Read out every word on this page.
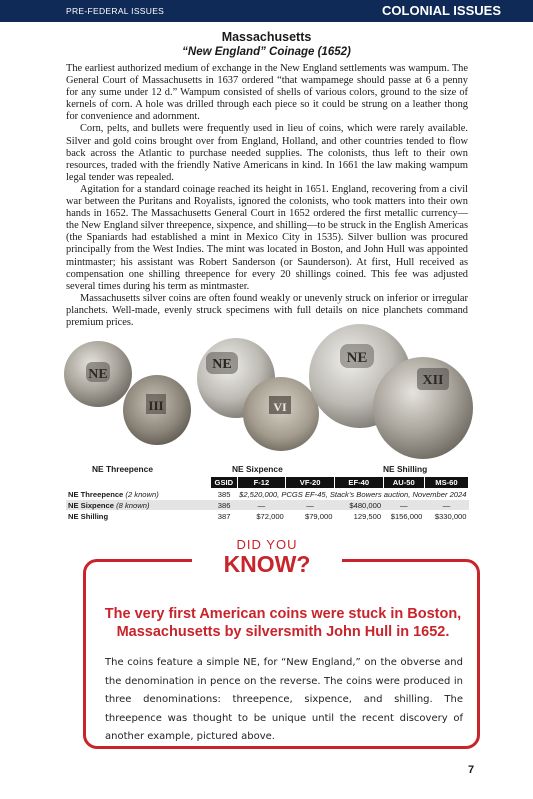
PRE-FEDERAL ISSUES	COLONIAL ISSUES
Massachusetts
“New England” Coinage (1652)

The earliest authorized medium of exchange in the New England settlements was wampum. The General Court of Massachusetts in 1637 ordered “that wampamege should passe at 6 a penny for any sume under 12 d.” Wampum consisted of shells of various colors, ground to the size of kernels of corn. A hole was drilled through each piece so it could be strung on a leather thong for convenience and adornment.

Corn, pelts, and bullets were frequently used in lieu of coins, which were rarely available. Silver and gold coins brought over from England, Holland, and other countries tended to flow back across the Atlantic to purchase needed supplies. The colonists, thus left to their own resources, traded with the friendly Native Americans in kind. In 1661 the law making wampum legal tender was repealed.

Agitation for a standard coinage reached its height in 1651. England, recovering from a civil war between the Puritans and Royalists, ignored the colonists, who took matters into their own hands in 1652. The Massachusetts General Court in 1652 ordered the first metallic currency—the New England silver threepence, sixpence, and shilling—to be struck in the English Americas (the Spaniards had established a mint in Mexico City in 1535). Silver bullion was procured principally from the West Indies. The mint was located in Boston, and John Hull was appointed mintmaster; his assistant was Robert Sanderson (or Saunderson). At first, Hull received as compensation one shilling threepence for every 20 shillings coined. This fee was adjusted several times during his term as mintmaster.

Massachusetts silver coins are often found weakly or unevenly struck on inferior or irregular planchets. Well-made, evenly struck specimens with full details on nice planchets command premium prices.

NE
III
NE
VI
NE
XII
NE Threepence	NE Sixpence	NE Shilling
	GSID	F-12	VF-20	EF-40	AU-50	MS-60
NE Threepence (2 known)	385	$2,520,000, PCGS EF-45, Stack’s Bowers auction, November 2024				
NE Sixpence (8 known)	386	—	—	$480,000	—	—
NE Shilling	387	$72,000	$79,000	129,500	$156,000	$330,000
DID YOU
KNOW?
The very first American coins were stuck in Boston, Massachusetts by silversmith John Hull in 1652.
The coins feature a simple NE, for “New England,” on the obverse and the denomination in pence on the reverse. The coins were produced in three denominations: threepence, sixpence, and shilling. The threepence was thought to be unique until the recent discovery of another example, pictured above.
7
